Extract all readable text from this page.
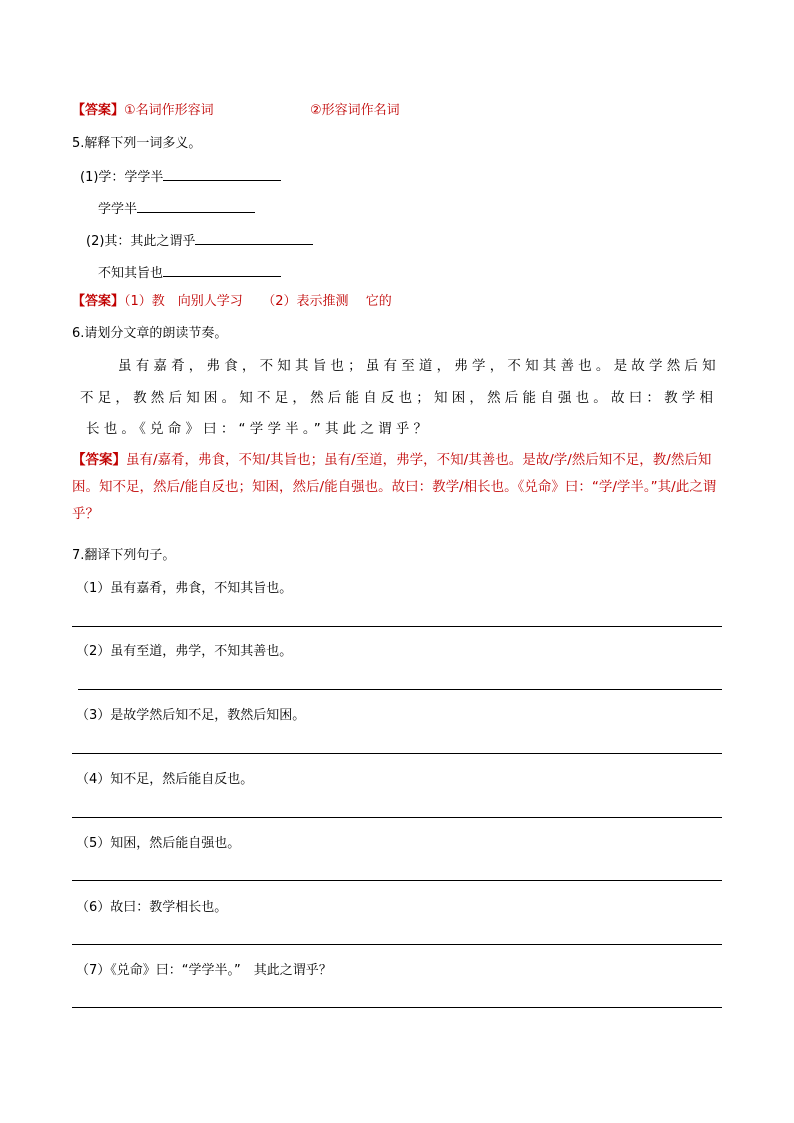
【答案】①名词作形容词	②形容词作名词
5.解释下列一词多义。
(1)学：学学半
学学半
(2)其：其此之谓乎
不知其旨也
【答案】（1）教　向别人学习　　（2）表示推测　 它的
6.请划分文章的朗读节奏。
虽有嘉肴，弗食，不知其旨也；虽有至道，弗学，不知其善也。是故学然后知
不足，教然后知困。知不足，然后能自反也；知困，然后能自强也。故曰：教学相
长也。《兑命》曰：“学学半。”其此之谓乎？
【答案】虽有/嘉肴，弗食，不知/其旨也；虽有/至道，弗学，不知/其善也。是故/学/然后知不足，教/然后知困。知不足，然后/能自反也；知困，然后/能自强也。故曰：教学/相长也。《兑命》曰：“学/学半。”其/此之谓乎？
7.翻译下列句子。
（1）虽有嘉肴，弗食，不知其旨也。
（2）虽有至道，弗学，不知其善也。
（3）是故学然后知不足，教然后知困。
（4）知不足，然后能自反也。
（5）知困，然后能自强也。
（6）故曰：教学相长也。
（7）《兑命》曰：“学学半。”　其此之谓乎？
